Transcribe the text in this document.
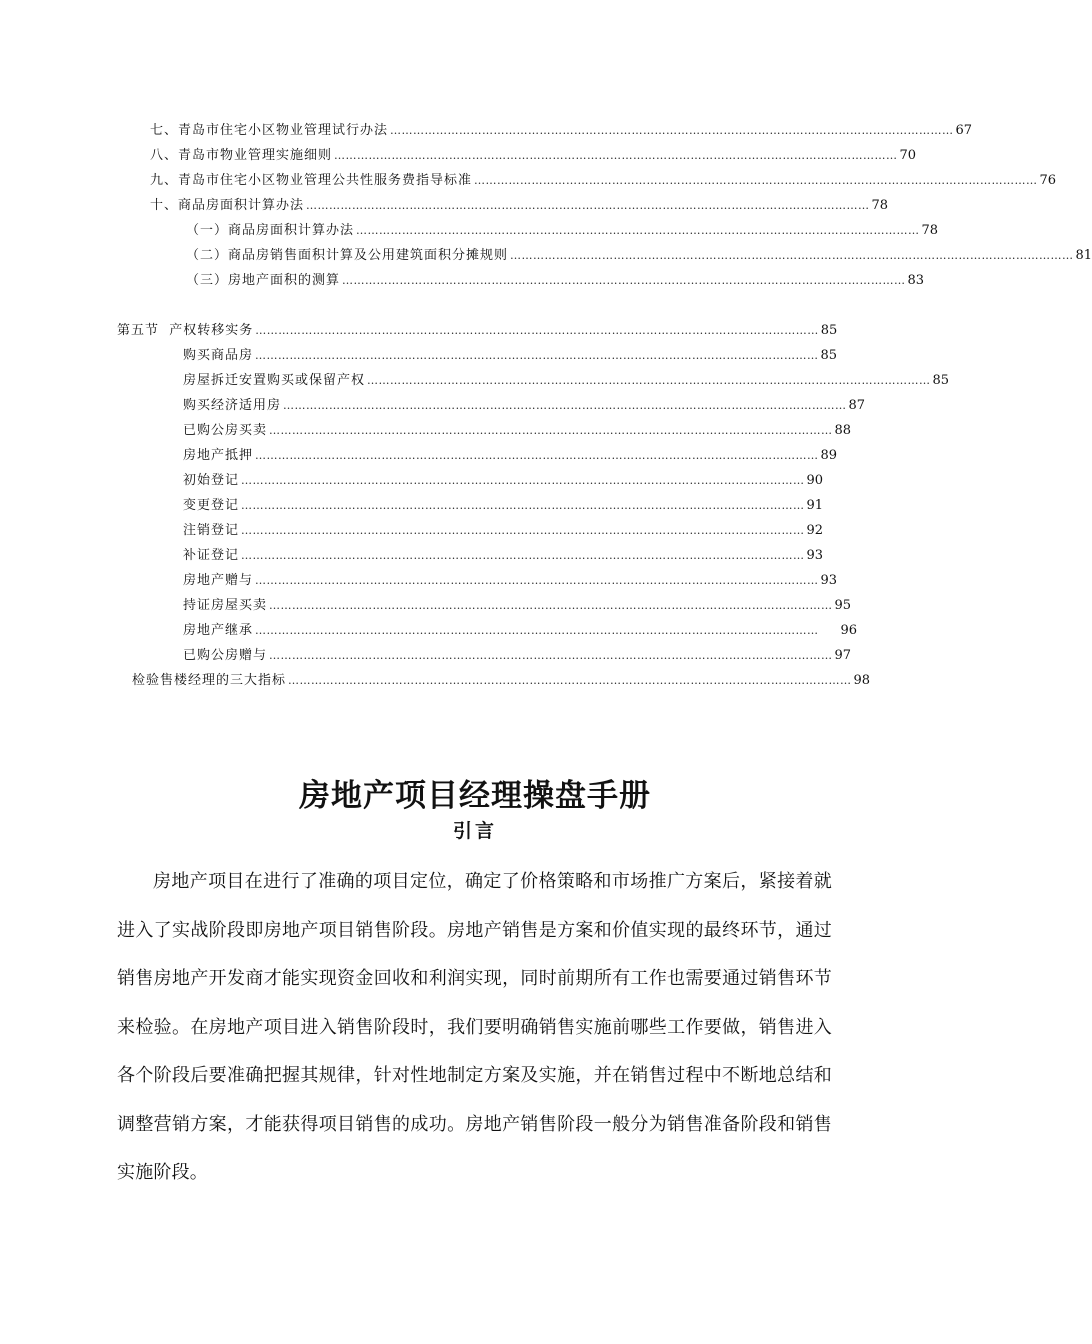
七、 青岛市住宅小区物业管理试行办法 ………………………………………………………………………………………………………………………………… 67
八、 青岛市物业管理实施细则 ………………………………………………………………………………………………………………………………… 70
九、 青岛市住宅小区物业管理公共性服务费指导标准 ………………………………………………………………………………………………………………………………… 76
十、 商品房面积计算办法 ………………………………………………………………………………………………………………………………… 78
（一） 商品房面积计算办法 ………………………………………………………………………………………………………………………………… 78
（二） 商品房销售面积计算及公用建筑面积分摊规则 ………………………………………………………………………………………………………………………………… 81
（三） 房地产面积的测算 ………………………………………………………………………………………………………………………………… 83
第五节  产权转移实务 ………………………………………………………………………………………………………………………………… 85
购买商品房 ………………………………………………………………………………………………………………………………… 85
房屋拆迁安置购买或保留产权 ………………………………………………………………………………………………………………………………… 85
购买经济适用房 ………………………………………………………………………………………………………………………………… 87
已购公房买卖 ………………………………………………………………………………………………………………………………… 88
房地产抵押 ………………………………………………………………………………………………………………………………… 89
初始登记 ………………………………………………………………………………………………………………………………… 90
变更登记 ………………………………………………………………………………………………………………………………… 91
注销登记 ………………………………………………………………………………………………………………………………… 92
补证登记 ………………………………………………………………………………………………………………………………… 93
房地产赠与 ………………………………………………………………………………………………………………………………… 93
持证房屋买卖 ………………………………………………………………………………………………………………………………… 95
房地产继承 ………………………………………………………………………………………………………………………………… 96
已购公房赠与 ………………………………………………………………………………………………………………………………… 97
检验售楼经理的三大指标 ………………………………………………………………………………………………………………………………… 98
房地产项目经理操盘手册
引言

房地产项目在进行了准确的项目定位，确定了价格策略和市场推广方案后，紧接着就进入了实战阶段即房地产项目销售阶段。房地产销售是方案和价值实现的最终环节，通过销售房地产开发商才能实现资金回收和利润实现，同时前期所有工作也需要通过销售环节来检验。在房地产项目进入销售阶段时，我们要明确销售实施前哪些工作要做，销售进入各个阶段后要准确把握其规律，针对性地制定方案及实施，并在销售过程中不断地总结和调整营销方案，才能获得项目销售的成功。房地产销售阶段一般分为销售准备阶段和销售实施阶段。
